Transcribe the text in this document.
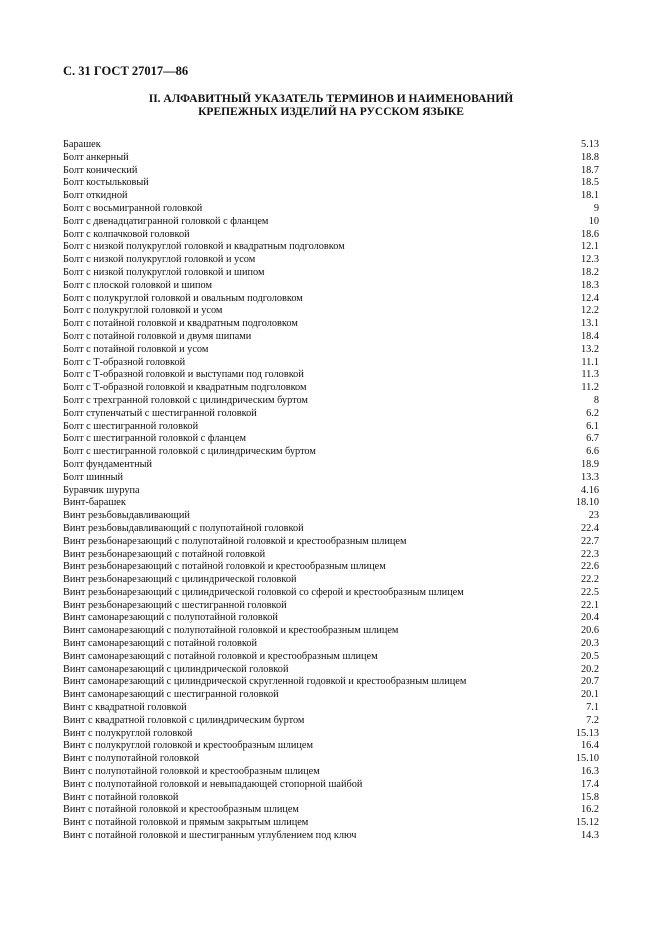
С. 31 ГОСТ 27017—86
II. АЛФАВИТНЫЙ УКАЗАТЕЛЬ ТЕРМИНОВ И НАИМЕНОВАНИЙ
КРЕПЕЖНЫХ ИЗДЕЛИЙ НА РУССКОМ ЯЗЫКЕ
Барашек	5.13
Болт анкерный	18.8
Болт конический	18.7
Болт костыльковый	18.5
Болт откидной	18.1
Болт с восьмигранной головкой	9
Болт с двенадцатигранной головкой с фланцем	10
Болт с колпачковой головкой	18.6
Болт с низкой полукруглой головкой и квадратным подголовком	12.1
Болт с низкой полукруглой головкой и усом	12.3
Болт с низкой полукруглой головкой и шипом	18.2
Болт с плоской головкой и шипом	18.3
Болт с полукруглой головкой и овальным подголовком	12.4
Болт с полукруглой головкой и усом	12.2
Болт с потайной головкой и квадратным подголовком	13.1
Болт с потайной головкой и двумя шипами	18.4
Болт с потайной головкой и усом	13.2
Болт с Т-образной головкой	11.1
Болт с Т-образной головкой и выступами под головкой	11.3
Болт с Т-образной головкой и квадратным подголовком	11.2
Болт с трехгранной головкой с цилиндрическим буртом	8
Болт ступенчатый с шестигранной головкой	6.2
Болт с шестигранной головкой	6.1
Болт с шестигранной головкой с фланцем	6.7
Болт с шестигранной головкой с цилиндрическим буртом	6.6
Болт фундаментный	18.9
Болт шинный	13.3
Буравчик шурупа	4.16
Винт-барашек	18.10
Винт резьбовыдавливающий	23
Винт резьбовыдавливающий с полупотайной головкой	22.4
Винт резьбонарезающий с полупотайной головкой и крестообразным шлицем	22.7
Винт резьбонарезающий с потайной головкой	22.3
Винт резьбонарезающий с потайной головкой и крестообразным шлицем	22.6
Винт резьбонарезающий с цилиндрической головкой	22.2
Винт резьбонарезающий с цилиндрической головкой со сферой и крестообразным шлицем	22.5
Винт резьбонарезающий с шестигранной головкой	22.1
Винт самонарезающий с полупотайной головкой	20.4
Винт самонарезающий с полупотайной головкой и крестообразным шлицем	20.6
Винт самонарезающий с потайной головкой	20.3
Винт самонарезающий с потайной головкой и крестообразным шлицем	20.5
Винт самонарезающий с цилиндрической головкой	20.2
Винт самонарезающий с цилиндрической скругленной годовкой и крестообразным шлицем	20.7
Винт самонарезающий с шестигранной головкой	20.1
Винт с квадратной головкой	7.1
Винт с квадратной головкой с цилиндрическим буртом	7.2
Винт с полукруглой головкой	15.13
Винт с полукруглой головкой и крестообразным шлицем	16.4
Винт с полупотайной головкой	15.10
Винт с полупотайной головкой и крестообразным шлицем	16.3
Винт с полупотайной головкой и невыпадающей стопорной шайбой	17.4
Винт с потайной головкой	15.8
Винт с потайной головкой и крестообразным шлицем	16.2
Винт с потайной головкой и прямым закрытым шлицем	15.12
Винт с потайной головкой и шестигранным углублением под ключ	14.3
